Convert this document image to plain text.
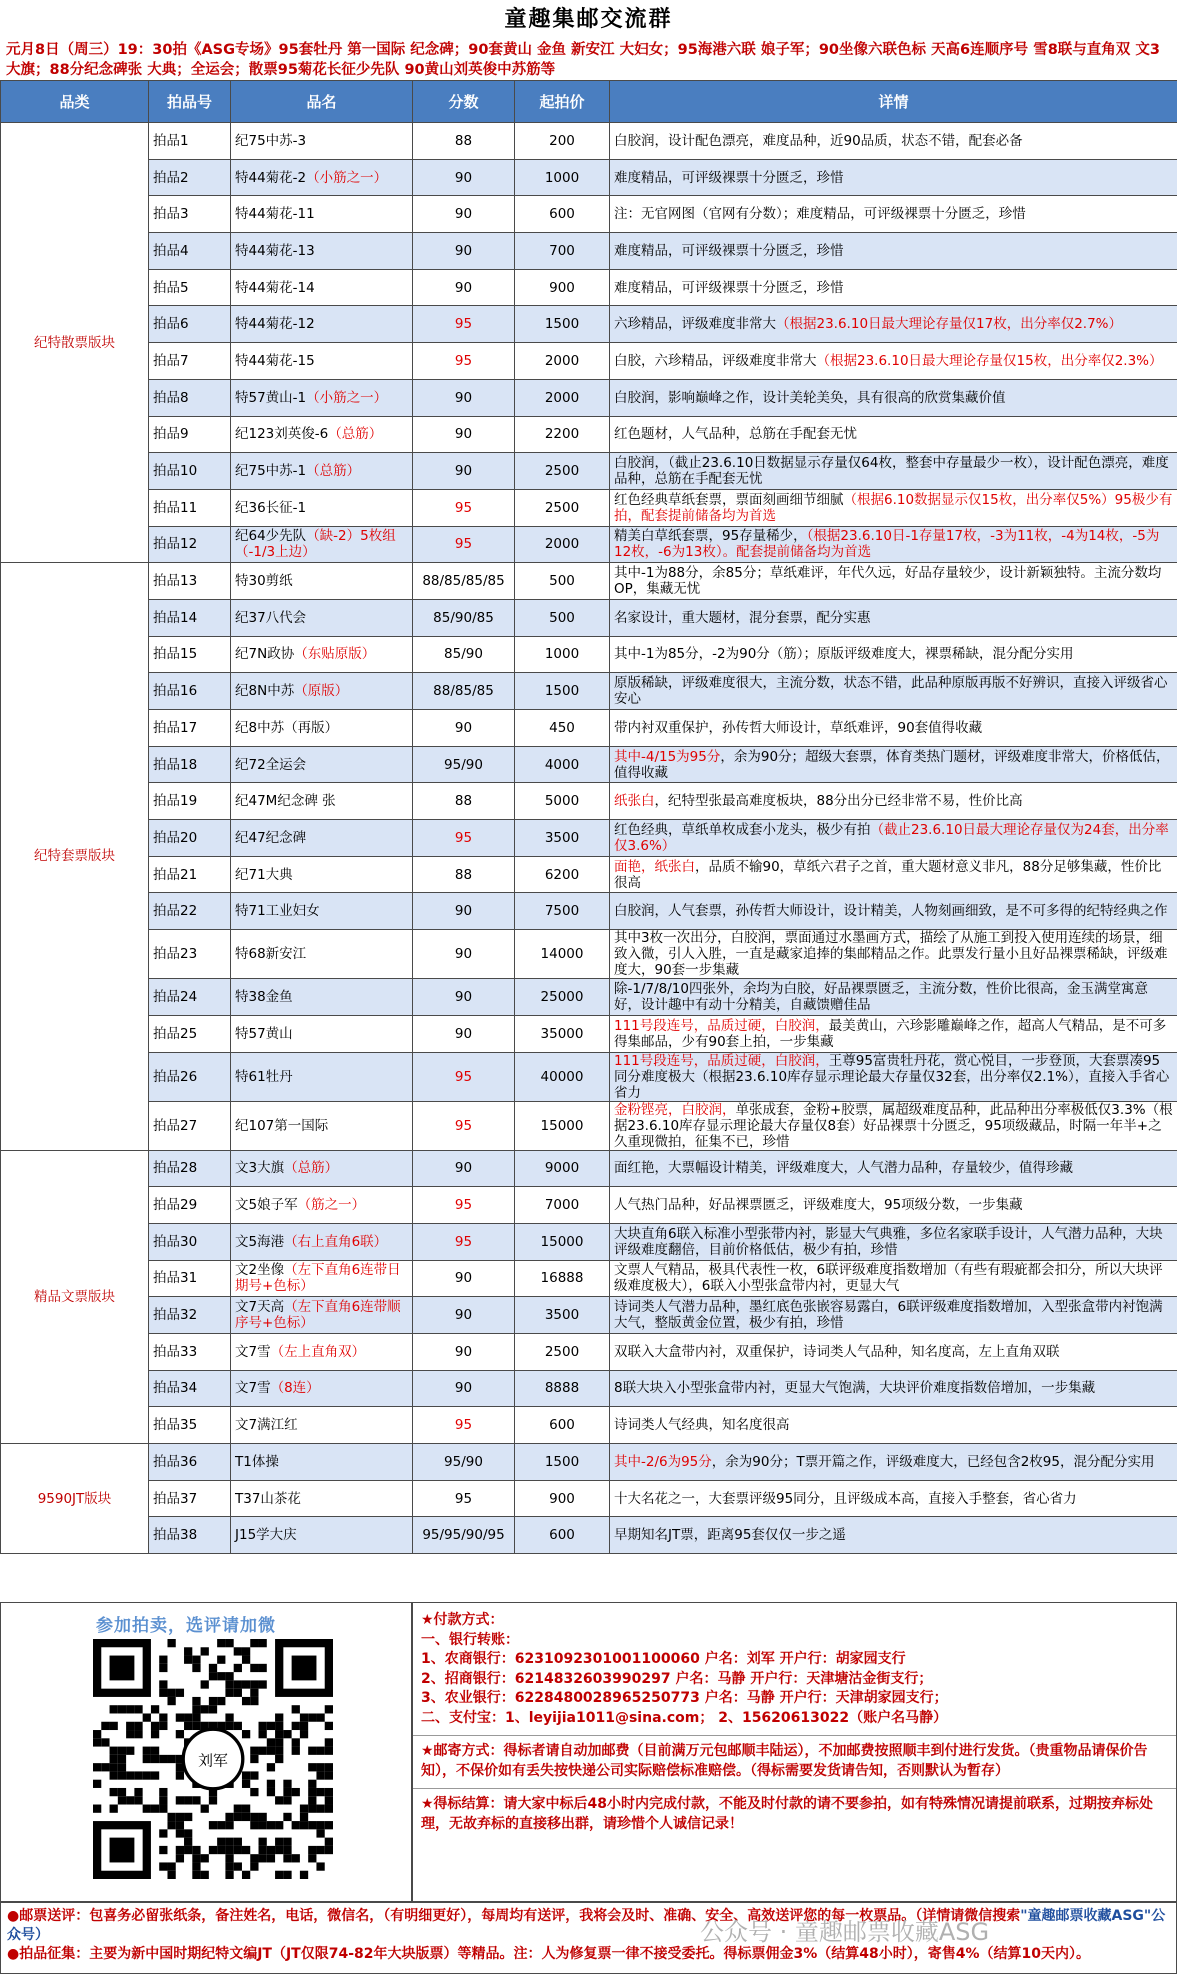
童趣集邮交流群
元月8日（周三）19：30拍《ASG专场》95套牡丹 第一国际 纪念碑；90套黄山 金鱼 新安江 大妇女；95海港六联 娘子军；90坐像六联色标 天高6连顺序号 雪8联与直角双 文3大旗；88分纪念碑张 大典；全运会；散票95菊花长征少先队 90黄山刘英俊中苏筋等
品类	拍品号	品名	分数	起拍价	详情
纪特散票版块	拍品1	纪75中苏-3	88	200	白胶润，设计配色漂亮，难度品种，近90品质，状态不错，配套必备
	拍品2	特44菊花-2（小筋之一）	90	1000	难度精品，可评级裸票十分匮乏，珍惜
	拍品3	特44菊花-11	90	600	注：无官网图（官网有分数）；难度精品，可评级裸票十分匮乏，珍惜
	拍品4	特44菊花-13	90	700	难度精品，可评级裸票十分匮乏，珍惜
	拍品5	特44菊花-14	90	900	难度精品，可评级裸票十分匮乏，珍惜
	拍品6	特44菊花-12	95	1500	六珍精品，评级难度非常大（根据23.6.10日最大理论存量仅17枚，出分率仅2.7%）
	拍品7	特44菊花-15	95	2000	白胶，六珍精品，评级难度非常大（根据23.6.10日最大理论存量仅15枚，出分率仅2.3%）
	拍品8	特57黄山-1（小筋之一）	90	2000	白胶润，影响巅峰之作，设计美轮美奂，具有很高的欣赏集藏价值
	拍品9	纪123刘英俊-6（总筋）	90	2200	红色题材，人气品种，总筋在手配套无忧
	拍品10	纪75中苏-1（总筋）	90	2500	白胶润，（截止23.6.10日数据显示存量仅64枚，整套中存量最少一枚），设计配色漂亮，难度品种，总筋在手配套无忧
	拍品11	纪36长征-1	95	2500	红色经典草纸套票，票面刻画细节细腻（根据6.10数据显示仅15枚，出分率仅5%）95极少有拍，配套提前储备均为首选
	拍品12	纪64少先队（缺-2）5枚组（-1/3上边）	95	2000	精美白草纸套票，95存量稀少，（根据23.6.10日-1存量17枚，-3为11枚，-4为14枚，-5为12枚，-6为13枚）。配套提前储备均为首选
纪特套票版块	拍品13	特30剪纸	88/85/85/85	500	其中-1为88分，余85分；草纸难评，年代久远，好品存量较少，设计新颖独特。主流分数均OP，集藏无忧
	拍品14	纪37八代会	85/90/85	500	名家设计，重大题材，混分套票，配分实惠
	拍品15	纪7N政协（东贴原版）	85/90	1000	其中-1为85分，-2为90分（筋）；原版评级难度大，裸票稀缺，混分配分实用
	拍品16	纪8N中苏（原版）	88/85/85	1500	原版稀缺，评级难度很大，主流分数，状态不错，此品种原版再版不好辨识，直接入评级省心安心
	拍品17	纪8中苏（再版）	90	450	带内衬双重保护，孙传哲大师设计，草纸难评，90套值得收藏
	拍品18	纪72全运会	95/90	4000	其中-4/15为95分，余为90分；超级大套票，体育类热门题材，评级难度非常大，价格低估，值得收藏
	拍品19	纪47M纪念碑 张	88	5000	纸张白，纪特型张最高难度板块，88分出分已经非常不易，性价比高
	拍品20	纪47纪念碑	95	3500	红色经典，草纸单枚成套小龙头，极少有拍（截止23.6.10日最大理论存量仅为24套，出分率仅3.6%）
	拍品21	纪71大典	88	6200	面艳，纸张白，品质不输90，草纸六君子之首，重大题材意义非凡，88分足够集藏，性价比很高
	拍品22	特71工业妇女	90	7500	白胶润，人气套票，孙传哲大师设计，设计精美，人物刻画细致，是不可多得的纪特经典之作
	拍品23	特68新安江	90	14000	其中3枚一次出分，白胶润，票面通过水墨画方式，描绘了从施工到投入使用连续的场景，细致入微，引人入胜，一直是藏家追捧的集邮精品之作。此票发行量小且好品裸票稀缺，评级难度大，90套一步集藏
	拍品24	特38金鱼	90	25000	除-1/7/8/10四张外，余均为白胶，好品裸票匮乏，主流分数，性价比很高，金玉满堂寓意好，设计趣中有动十分精美，自藏馈赠佳品
	拍品25	特57黄山	90	35000	111号段连号，品质过硬，白胶润，最美黄山，六珍影雕巅峰之作，超高人气精品，是不可多得集邮品，少有90套上拍，一步集藏
	拍品26	特61牡丹	95	40000	111号段连号，品质过硬，白胶润，王尊95富贵牡丹花，赏心悦目，一步登顶，大套票凑95同分难度极大（根据23.6.10库存显示理论最大存量仅32套，出分率仅2.1%），直接入手省心省力
	拍品27	纪107第一国际	95	15000	金粉铿亮，白胶润，单张成套，金粉+胶票，属超级难度品种，此品种出分率极低仅3.3%（根据23.6.10库存显示理论最大存量仅8套）好品裸票十分匮乏，95项级藏品，时隔一年半+之久重现微拍，征集不已，珍惜
精品文票版块	拍品28	文3大旗（总筋）	90	9000	面红艳，大票幅设计精美，评级难度大，人气潜力品种，存量较少，值得珍藏
	拍品29	文5娘子军（筋之一）	95	7000	人气热门品种，好品裸票匮乏，评级难度大，95项级分数，一步集藏
	拍品30	文5海港（右上直角6联）	95	15000	大块直角6联入标准小型张带内衬，影显大气典雅，多位名家联手设计，人气潜力品种，大块评级难度翻倍，目前价格低估，极少有拍，珍惜
	拍品31	文2坐像（左下直角6连带日期号+色标）	90	16888	文票人气精品，极具代表性一枚，6联评级难度指数增加（有些有瑕疵都会扣分，所以大块评级难度极大），6联入小型张盒带内衬，更显大气
	拍品32	文7天高（左下直角6连带顺序号+色标）	90	3500	诗词类人气潜力品种，墨红底色张嵌容易露白，6联评级难度指数增加，入型张盒带内衬饱满大气，整版黄金位置，极少有拍，珍惜
	拍品33	文7雪（左上直角双）	90	2500	双联入大盒带内衬，双重保护，诗词类人气品种，知名度高，左上直角双联
	拍品34	文7雪（8连）	90	8888	8联大块入小型张盒带内衬，更显大气饱满，大块评价难度指数倍增加，一步集藏
	拍品35	文7满江红	95	600	诗词类人气经典，知名度很高
9590JT版块	拍品36	T1体操	95/90	1500	其中-2/6为95分，余为90分；T票开篇之作，评级难度大，已经包含2枚95，混分配分实用
	拍品37	T37山茶花	95	900	十大名花之一，大套票评级95同分，且评级成本高，直接入手整套，省心省力
	拍品38	J15学大庆	95/95/90/95	600	早期知名JT票，距离95套仅仅一步之遥
参加拍卖，选评请加微
刘军
★付款方式：
一、银行转账：
1、农商银行：6231092301001100060 户名：刘军 开户行：胡家园支行
2、招商银行：6214832603990297 户名：马静 开户行：天津塘沽金街支行；
3、农业银行：6228480028965250773 户名：马静 开户行：天津胡家园支行；
二、支付宝：1、leyijia1011@sina.com； 2、15620613022（账户名马静）
★邮寄方式：得标者请自动加邮费（目前满万元包邮顺丰陆运），不加邮费按照顺丰到付进行发货。（贵重物品请保价告知），不保价如有丢失按快递公司实际赔偿标准赔偿。（得标需要发货请告知，否则默认为暂存）
★得标结算：请大家中标后48小时内完成付款，不能及时付款的请不要参拍，如有特殊情况请提前联系，过期按弃标处理，无故弃标的直接移出群，请珍惜个人诚信记录！
●邮票送评：包喜务必留张纸条，备注姓名，电话，微信名，（有明细更好），每周均有送评，我将会及时、准确、安全、高效送评您的每一枚票品。（详情请微信搜索"童趣邮票收藏ASG"公众号）
●拍品征集：主要为新中国时期纪特文编JT（JT仅限74-82年大块版票）等精品。注：人为修复票一律不接受委托。得标票佣金3%（结算48小时），寄售4%（结算10天内）。
公众号 · 童趣邮票收藏ASG
